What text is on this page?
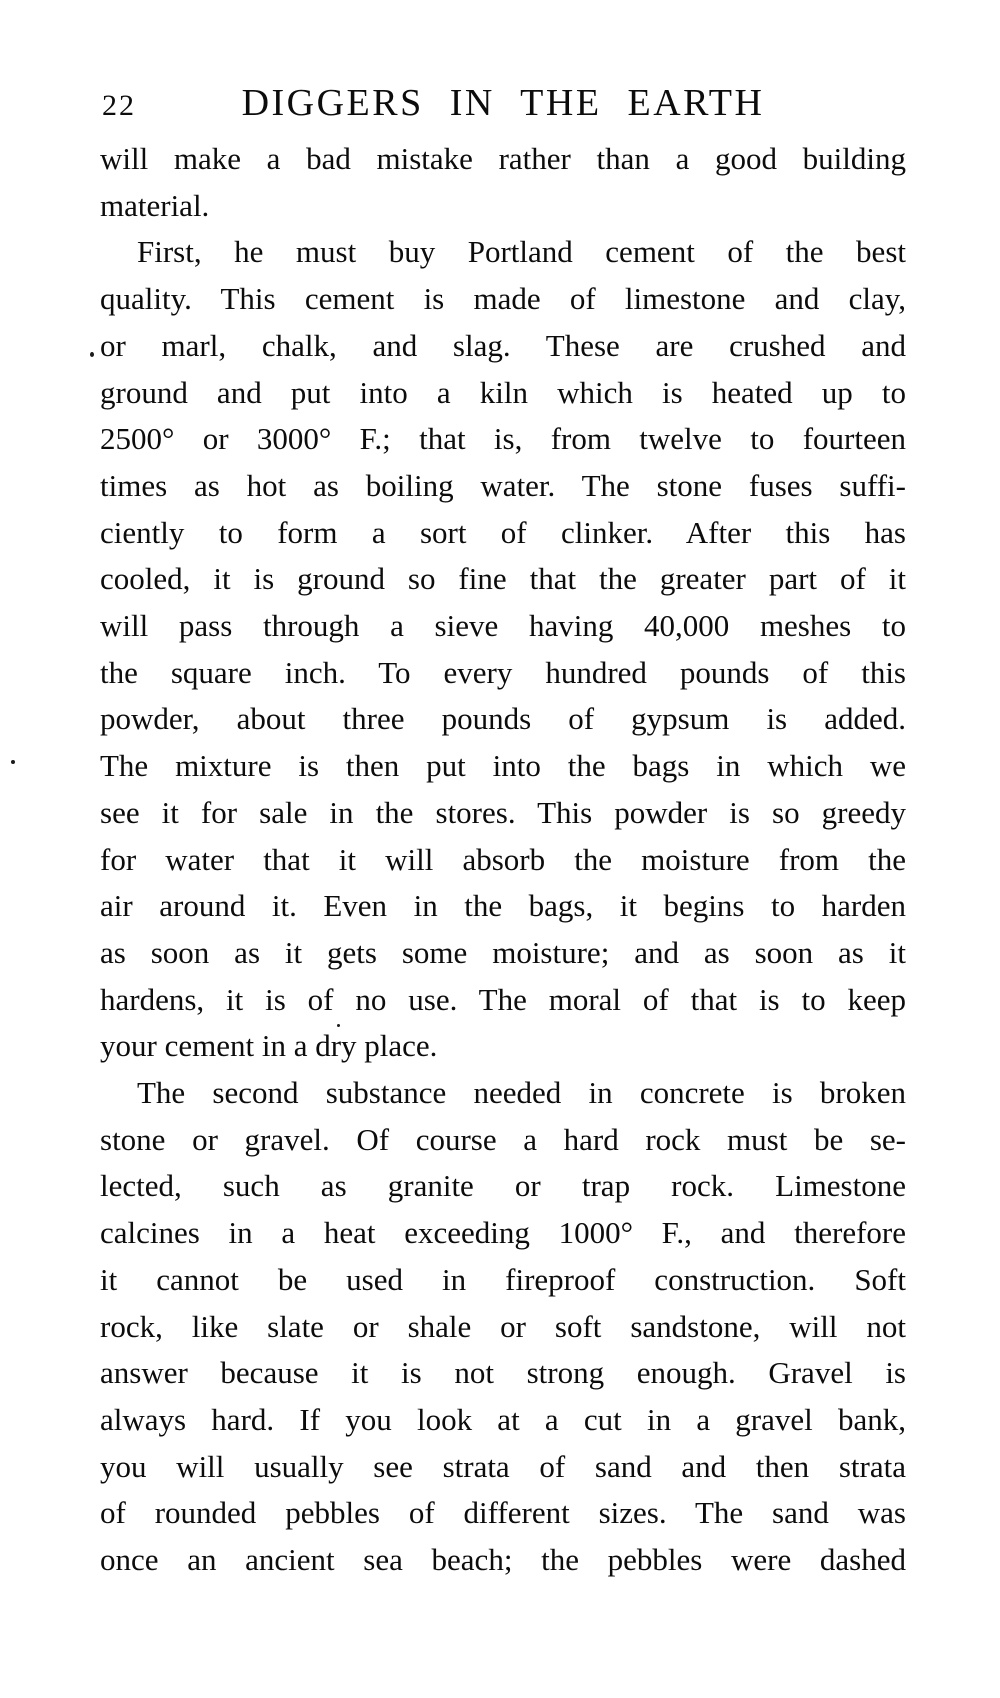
22	DIGGERS IN THE EARTH
will make a bad mistake rather than a good building
material.
First, he must buy Portland cement of the best
quality. This cement is made of limestone and clay,
or marl, chalk, and slag. These are crushed and
ground and put into a kiln which is heated up to
2500° or 3000° F.; that is, from twelve to fourteen
times as hot as boiling water. The stone fuses suffi-
ciently to form a sort of clinker. After this has
cooled, it is ground so fine that the greater part of it
will pass through a sieve having 40,000 meshes to
the square inch. To every hundred pounds of this
powder, about three pounds of gypsum is added.
The mixture is then put into the bags in which we
see it for sale in the stores. This powder is so greedy
for water that it will absorb the moisture from the
air around it. Even in the bags, it begins to harden
as soon as it gets some moisture; and as soon as it
hardens, it is of no use. The moral of that is to keep
your cement in a dry place.
The second substance needed in concrete is broken
stone or gravel. Of course a hard rock must be se-
lected, such as granite or trap rock. Limestone
calcines in a heat exceeding 1000° F., and therefore
it cannot be used in fireproof construction. Soft
rock, like slate or shale or soft sandstone, will not
answer because it is not strong enough. Gravel is
always hard. If you look at a cut in a gravel bank,
you will usually see strata of sand and then strata
of rounded pebbles of different sizes. The sand was
once an ancient sea beach; the pebbles were dashed
